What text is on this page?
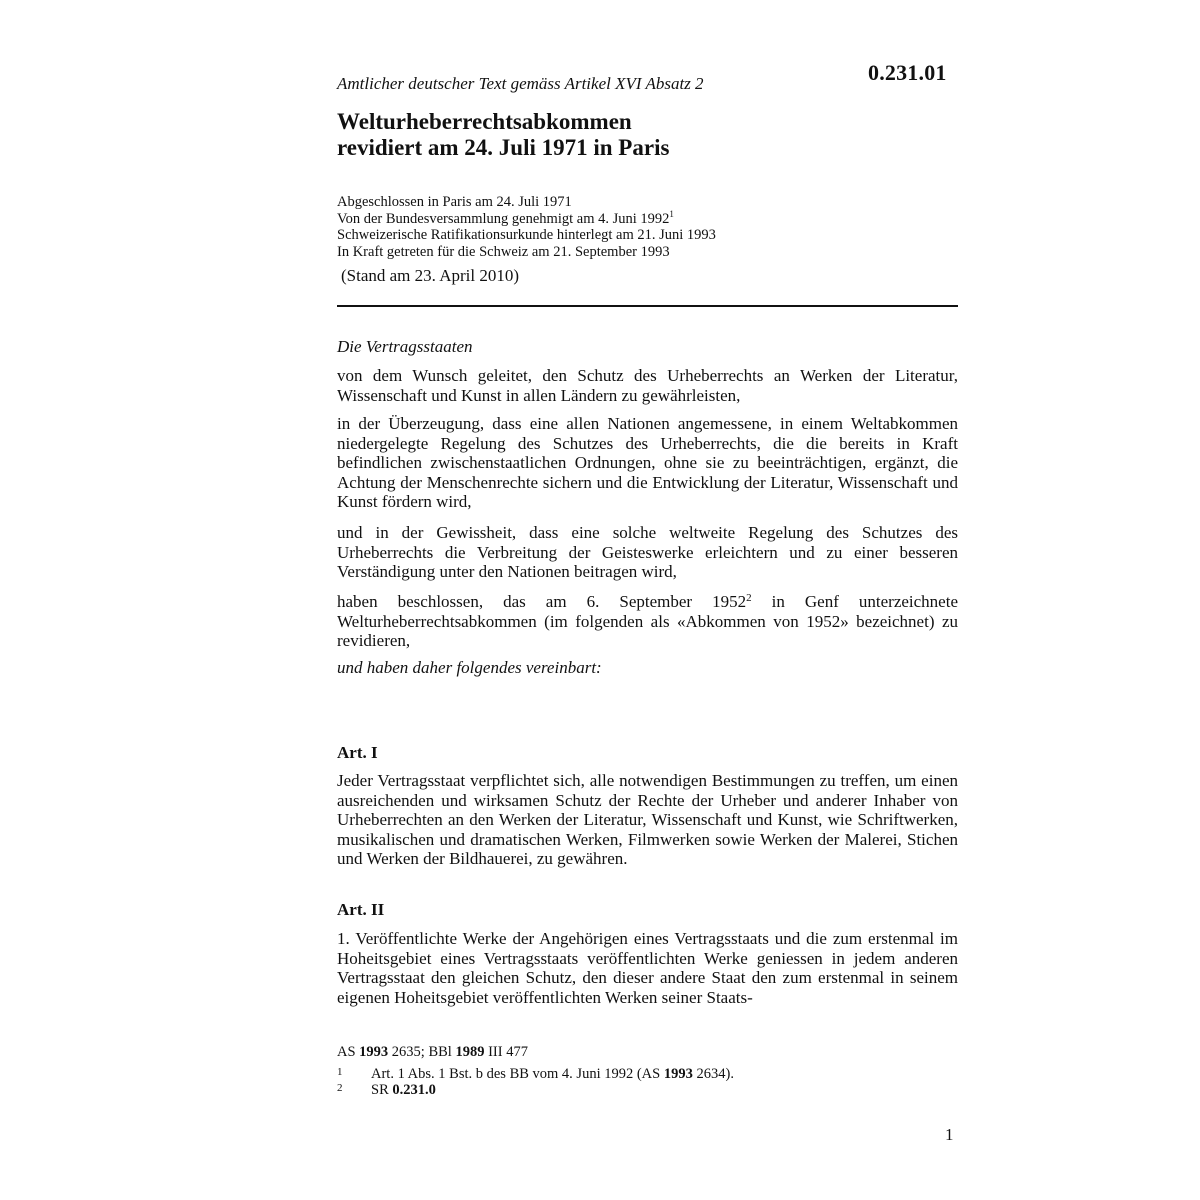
Amtlicher deutscher Text gemäss Artikel XVI Absatz 2	0.231.01
Welturheberrechtsabkommen
revidiert am 24. Juli 1971 in Paris
Abgeschlossen in Paris am 24. Juli 1971
Von der Bundesversammlung genehmigt am 4. Juni 1992$^1$
Schweizerische Ratifikationsurkunde hinterlegt am 21. Juni 1993
In Kraft getreten für die Schweiz am 21. September 1993
(Stand am 23. April 2010)
Die Vertragsstaaten
von dem Wunsch geleitet, den Schutz des Urheberrechts an Werken der Literatur, Wissenschaft und Kunst in allen Ländern zu gewährleisten,
in der Überzeugung, dass eine allen Nationen angemessene, in einem Weltabkommen niedergelegte Regelung des Schutzes des Urheberrechts, die die bereits in Kraft befindlichen zwischenstaatlichen Ordnungen, ohne sie zu beeinträchtigen, ergänzt, die Achtung der Menschenrechte sichern und die Entwicklung der Literatur, Wissenschaft und Kunst fördern wird,
und in der Gewissheit, dass eine solche weltweite Regelung des Schutzes des Urheberrechts die Verbreitung der Geisteswerke erleichtern und zu einer besseren Verständigung unter den Nationen beitragen wird,
haben beschlossen, das am 6. September 1952$^2$ in Genf unterzeichnete Welturheberrechtsabkommen (im folgenden als «Abkommen von 1952» bezeichnet) zu revidieren,
und haben daher folgendes vereinbart:
Art. I
Jeder Vertragsstaat verpflichtet sich, alle notwendigen Bestimmungen zu treffen, um einen ausreichenden und wirksamen Schutz der Rechte der Urheber und anderer Inhaber von Urheberrechten an den Werken der Literatur, Wissenschaft und Kunst, wie Schriftwerken, musikalischen und dramatischen Werken, Filmwerken sowie Werken der Malerei, Stichen und Werken der Bildhauerei, zu gewähren.
Art. II
1. Veröffentlichte Werke der Angehörigen eines Vertragsstaats und die zum erstenmal im Hoheitsgebiet eines Vertragsstaats veröffentlichten Werke geniessen in jedem anderen Vertragsstaat den gleichen Schutz, den dieser andere Staat den zum erstenmal in seinem eigenen Hoheitsgebiet veröffentlichten Werken seiner Staats-
AS 1993 2635; BBl 1989 III 477
1 Art. 1 Abs. 1 Bst. b des BB vom 4. Juni 1992 (AS 1993 2634).
2 SR 0.231.0
1
